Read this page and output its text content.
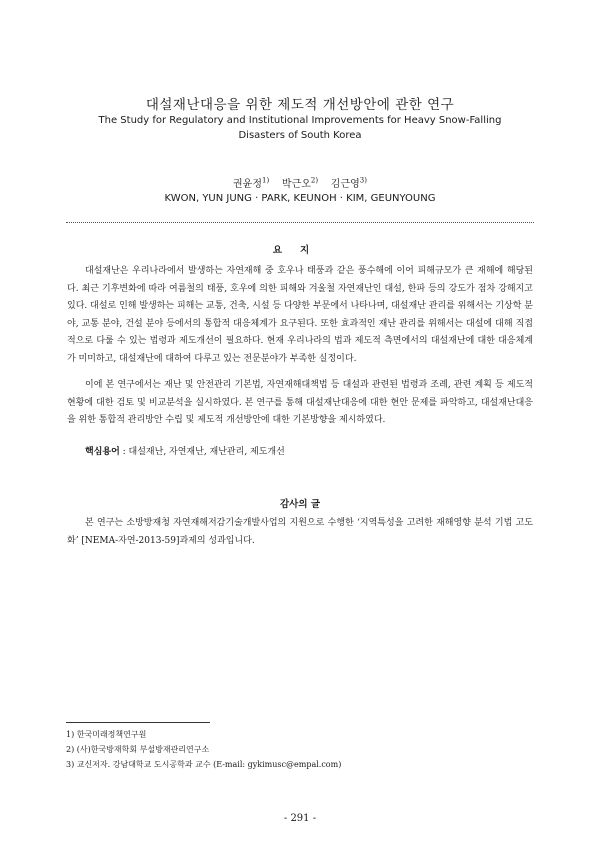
대설재난대응을 위한 제도적 개선방안에 관한 연구
The Study for Regulatory and Institutional Improvements for Heavy Snow-Falling Disasters of South Korea
권윤정$^{1)}$ 박근오$^{2)}$ 김근영$^{3)}$
KWON, YUN JUNG · PARK, KEUNOH · KIM, GEUNYOUNG
요지

대설재난은 우리나라에서 발생하는 자연재해 중 호우나 태풍과 같은 풍수해에 이어 피해규모가 큰 재해에 해당된다. 최근 기후변화에 따라 여름철의 태풍, 호우에 의한 피해와 겨울철 자연재난인 대설, 한파 등의 강도가 점차 강해지고 있다. 대설로 인해 발생하는 피해는 교통, 건축, 시설 등 다양한 부문에서 나타나며, 대설재난 관리를 위해서는 기상학 분야, 교통 분야, 건설 분야 등에서의 통합적 대응체계가 요구된다. 또한 효과적인 재난 관리를 위해서는 대설에 대해 직접적으로 다룰 수 있는 법령과 제도개선이 필요하다. 현재 우리나라의 법과 제도적 측면에서의 대설재난에 대한 대응체계가 미미하고, 대설재난에 대하여 다루고 있는 전문분야가 부족한 실정이다.

이에 본 연구에서는 재난 및 안전관리 기본법, 자연재해대책법 등 대설과 관련된 법령과 조례, 관련 계획 등 제도적 현황에 대한 검토 및 비교분석을 실시하였다. 본 연구를 통해 대설재난대응에 대한 현안 문제를 파악하고, 대설재난대응을 위한 통합적 관리방안 수립 및 제도적 개선방안에 대한 기본방향을 제시하였다.

핵심용어 : 대설재난, 자연재난, 재난관리, 제도개선
감사의 글

본 연구는 소방방재청 자연재해저감기술개발사업의 지원으로 수행한 ‘지역특성을 고려한 재해영향 분석 기법 고도화’ [NEMA-자연-2013-59]과제의 성과입니다.

1) 한국미래정책연구원
2) (사)한국방재학회 부설방재관리연구소
3) 교신저자. 강남대학교 도시공학과 교수 (E-mail: gykimusc@empal.com)
- 291 -
